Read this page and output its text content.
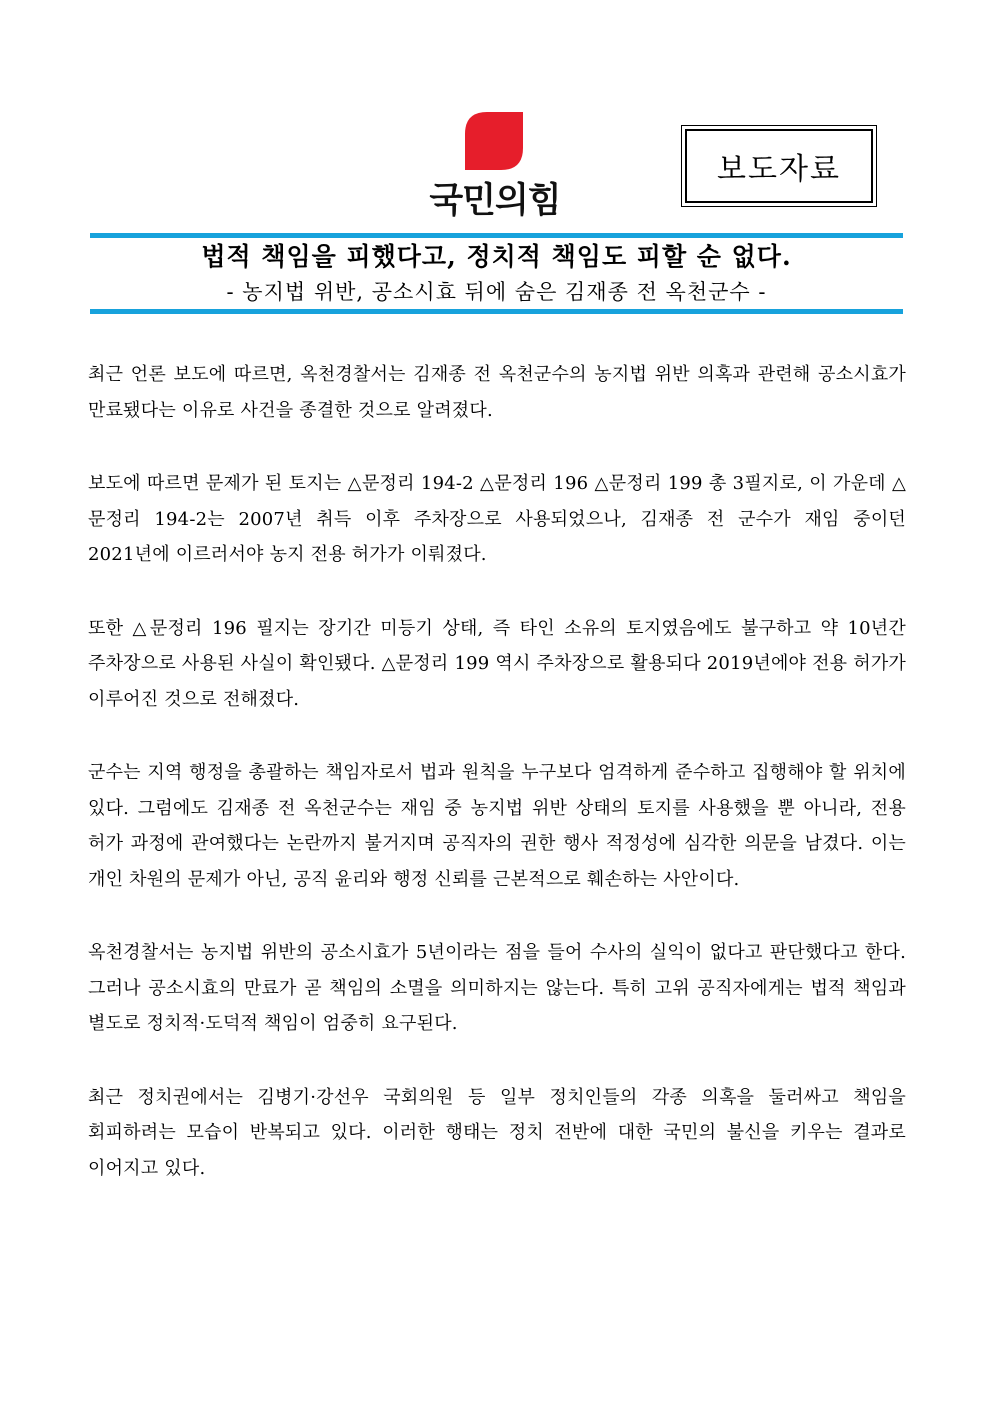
국민의힘
보도자료
법적 책임을 피했다고, 정치적 책임도 피할 순 없다.
- 농지법 위반, 공소시효 뒤에 숨은 김재종 전 옥천군수 -

최근 언론 보도에 따르면, 옥천경찰서는 김재종 전 옥천군수의 농지법 위반 의혹과 관련해 공소시효가 만료됐다는 이유로 사건을 종결한 것으로 알려졌다.

보도에 따르면 문제가 된 토지는 △문정리 194-2 △문정리 196 △문정리 199 총 3필지로, 이 가운데 △문정리 194-2는 2007년 취득 이후 주차장으로 사용되었으나, 김재종 전 군수가 재임 중이던 2021년에 이르러서야 농지 전용 허가가 이뤄졌다.

또한 △문정리 196 필지는 장기간 미등기 상태, 즉 타인 소유의 토지였음에도 불구하고 약 10년간 주차장으로 사용된 사실이 확인됐다. △문정리 199 역시 주차장으로 활용되다 2019년에야 전용 허가가 이루어진 것으로 전해졌다.

군수는 지역 행정을 총괄하는 책임자로서 법과 원칙을 누구보다 엄격하게 준수하고 집행해야 할 위치에 있다. 그럼에도 김재종 전 옥천군수는 재임 중 농지법 위반 상태의 토지를 사용했을 뿐 아니라, 전용 허가 과정에 관여했다는 논란까지 불거지며 공직자의 권한 행사 적정성에 심각한 의문을 남겼다. 이는 개인 차원의 문제가 아닌, 공직 윤리와 행정 신뢰를 근본적으로 훼손하는 사안이다.

옥천경찰서는 농지법 위반의 공소시효가 5년이라는 점을 들어 수사의 실익이 없다고 판단했다고 한다. 그러나 공소시효의 만료가 곧 책임의 소멸을 의미하지는 않는다. 특히 고위 공직자에게는 법적 책임과 별도로 정치적·도덕적 책임이 엄중히 요구된다.

최근 정치권에서는 김병기·강선우 국회의원 등 일부 정치인들의 각종 의혹을 둘러싸고 책임을 회피하려는 모습이 반복되고 있다. 이러한 행태는 정치 전반에 대한 국민의 불신을 키우는 결과로 이어지고 있다.
